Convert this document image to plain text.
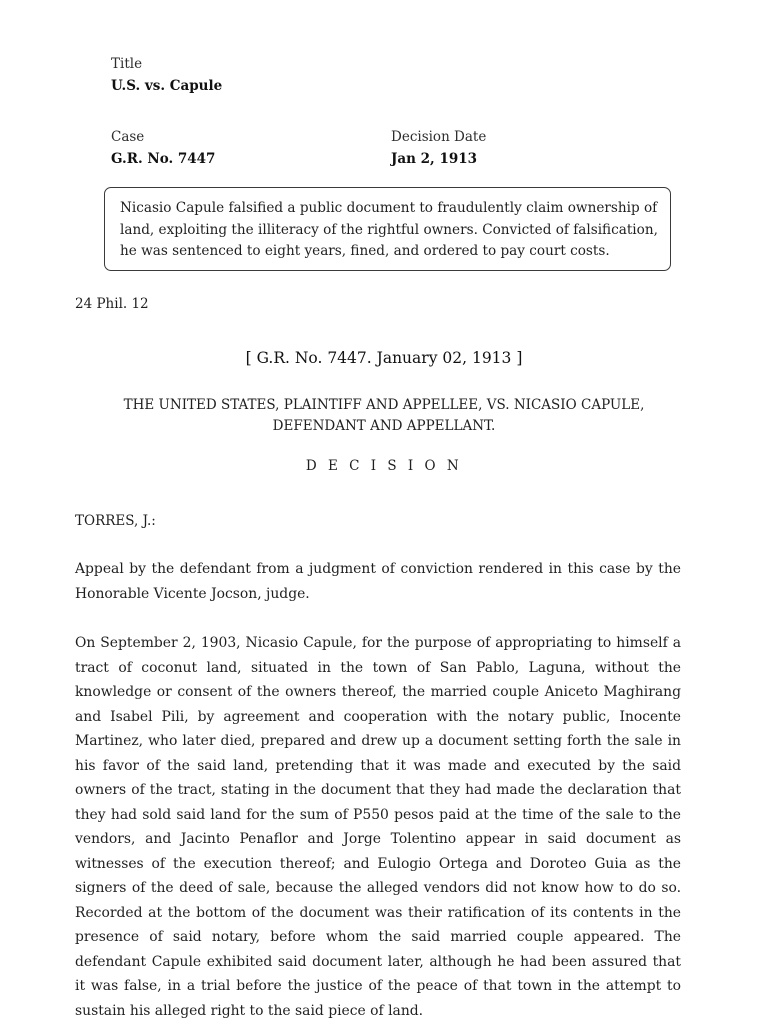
Title
U.S. vs. Capule
Case
G.R. No. 7447
Decision Date
Jan 2, 1913
Nicasio Capule falsified a public document to fraudulently claim ownership of land, exploiting the illiteracy of the rightful owners. Convicted of falsification, he was sentenced to eight years, fined, and ordered to pay court costs.
24 Phil. 12
[ G.R. No. 7447. January 02, 1913 ]
THE UNITED STATES, PLAINTIFF AND APPELLEE, VS. NICASIO CAPULE, DEFENDANT AND APPELLANT.
D E C I S I O N
TORRES, J.:

Appeal by the defendant from a judgment of conviction rendered in this case by the Honorable Vicente Jocson, judge.

On September 2, 1903, Nicasio Capule, for the purpose of appropriating to himself a tract of coconut land, situated in the town of San Pablo, Laguna, without the knowledge or consent of the owners thereof, the married couple Aniceto Maghirang and Isabel Pili, by agreement and cooperation with the notary public, Inocente Martinez, who later died, prepared and drew up a document setting forth the sale in his favor of the said land, pretending that it was made and executed by the said owners of the tract, stating in the document that they had made the declaration that they had sold said land for the sum of P550 pesos paid at the time of the sale to the vendors, and Jacinto Penaflor and Jorge Tolentino appear in said document as witnesses of the execution thereof; and Eulogio Ortega and Doroteo Guia as the signers of the deed of sale, because the alleged vendors did not know how to do so. Recorded at the bottom of the document was their ratification of its contents in the presence of said notary, before whom the said married couple appeared. The defendant Capule exhibited said document later, although he had been assured that it was false, in a trial before the justice of the peace of that town in the attempt to sustain his alleged right to the said piece of land.
